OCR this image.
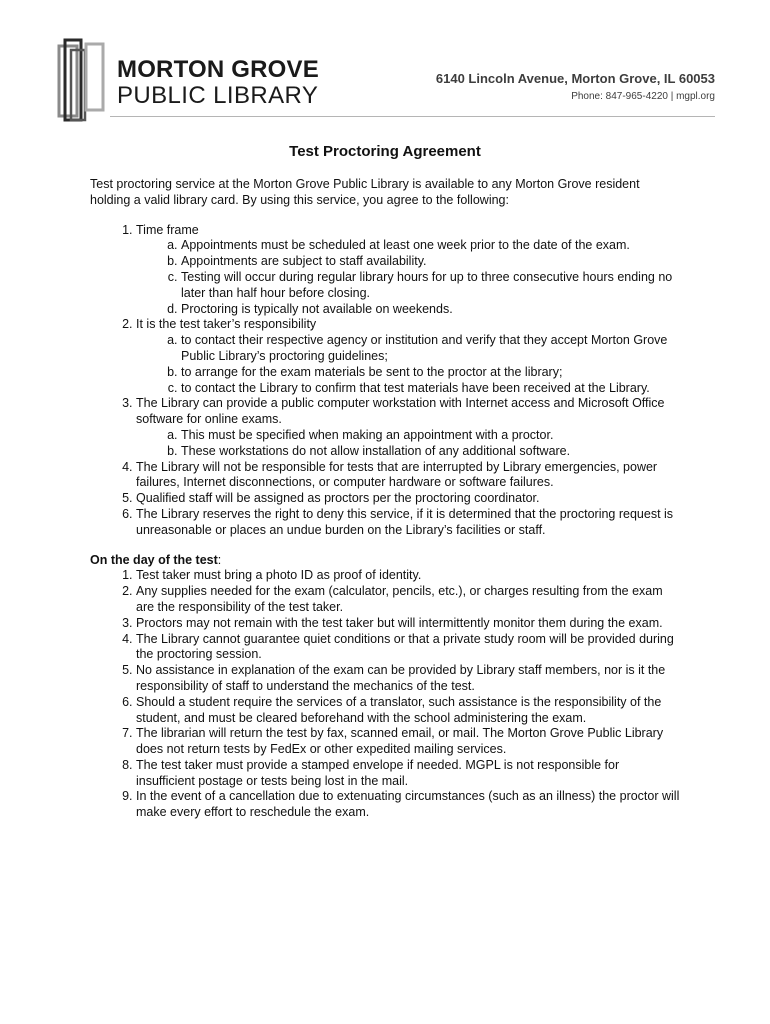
MORTON GROVE
PUBLIC LIBRARY
6140 Lincoln Avenue, Morton Grove, IL 60053
Phone: 847-965-4220 | mgpl.org
Test Proctoring Agreement

Test proctoring service at the Morton Grove Public Library is available to any Morton Grove resident holding a valid library card. By using this service, you agree to the following:

1. Time frame
a. Appointments must be scheduled at least one week prior to the date of the exam.
b. Appointments are subject to staff availability.
c. Testing will occur during regular library hours for up to three consecutive hours ending no later than half hour before closing.
d. Proctoring is typically not available on weekends.
2. It is the test taker’s responsibility
a. to contact their respective agency or institution and verify that they accept Morton Grove Public Library’s proctoring guidelines;
b. to arrange for the exam materials be sent to the proctor at the library;
c. to contact the Library to confirm that test materials have been received at the Library.
3. The Library can provide a public computer workstation with Internet access and Microsoft Office software for online exams.
a. This must be specified when making an appointment with a proctor.
b. These workstations do not allow installation of any additional software.
4. The Library will not be responsible for tests that are interrupted by Library emergencies, power failures, Internet disconnections, or computer hardware or software failures.
5. Qualified staff will be assigned as proctors per the proctoring coordinator.
6. The Library reserves the right to deny this service, if it is determined that the proctoring request is unreasonable or places an undue burden on the Library’s facilities or staff.
On the day of the test:
1. Test taker must bring a photo ID as proof of identity.
2. Any supplies needed for the exam (calculator, pencils, etc.), or charges resulting from the exam are the responsibility of the test taker.
3. Proctors may not remain with the test taker but will intermittently monitor them during the exam.
4. The Library cannot guarantee quiet conditions or that a private study room will be provided during the proctoring session.
5. No assistance in explanation of the exam can be provided by Library staff members, nor is it the responsibility of staff to understand the mechanics of the test.
6. Should a student require the services of a translator, such assistance is the responsibility of the student, and must be cleared beforehand with the school administering the exam.
7. The librarian will return the test by fax, scanned email, or mail. The Morton Grove Public Library does not return tests by FedEx or other expedited mailing services.
8. The test taker must provide a stamped envelope if needed. MGPL is not responsible for insufficient postage or tests being lost in the mail.
9. In the event of a cancellation due to extenuating circumstances (such as an illness) the proctor will make every effort to reschedule the exam.
